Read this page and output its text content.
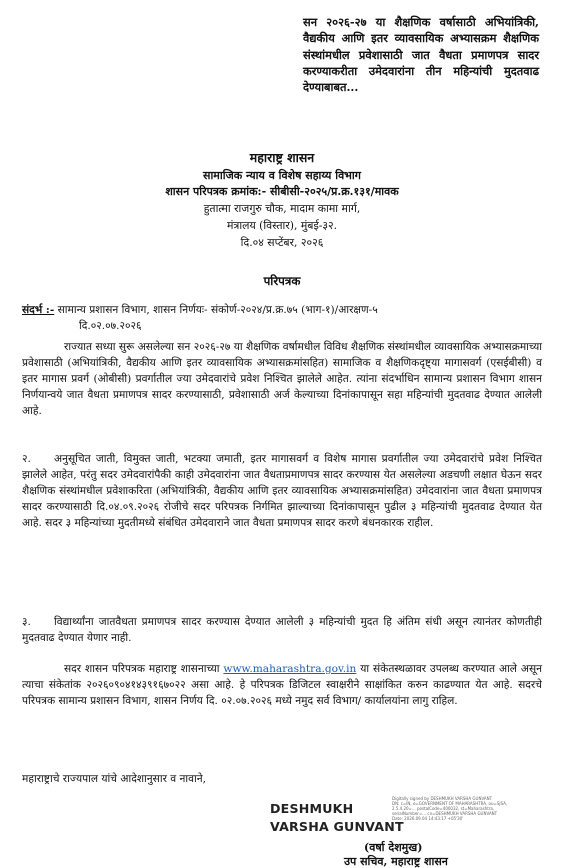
सन २०२६-२७ या शैक्षणिक वर्षासाठी अभियांत्रिकी, वैद्यकीय आणि इतर व्यावसायिक अभ्यासक्रम शैक्षणिक संस्थांमधील प्रवेशासाठी जात वैधता प्रमाणपत्र सादर करण्याकरीता उमेदवारांना तीन महिन्यांची मुदतवाढ देण्याबाबत...
महाराष्ट्र शासन
सामाजिक न्याय व विशेष सहाय्य विभाग
शासन परिपत्रक क्रमांक:- सीबीसी-२०२५/प्र.क्र.१३१/मावक
हुतात्मा राजगुरु चौक, मादाम कामा मार्ग,
मंत्रालय (विस्तार), मुंबई-३२.
दि.०४ सप्टेंबर, २०२६
परिपत्रक
संदर्भ :- सामान्य प्रशासन विभाग, शासन निर्णयः- संकोर्ण-२०२४/प्र.क्र.७५ (भाग-१)/आरक्षण-५
दि.०२.०७.२०२६
राज्यात सध्या सुरू असलेल्या सन २०२६-२७ या शैक्षणिक वर्षामधील विविध शैक्षणिक संस्थांमधील व्यावसायिक अभ्यासक्रमाच्या प्रवेशासाठी (अभियांत्रिकी, वैद्यकीय आणि इतर व्यावसायिक अभ्यासक्रमांसहित) सामाजिक व शैक्षणिकदृष्ट्या मागासवर्ग (एसईबीसी) व इतर मागास प्रवर्ग (ओबीसी) प्रवर्गातील ज्या उमेदवारांचे प्रवेश निश्चित झालेले आहेत. त्यांना संदर्भाधिन सामान्य प्रशासन विभाग शासन निर्णयान्वये जात वैधता प्रमाणपत्र सादर करण्यासाठी, प्रवेशासाठी अर्ज केल्याच्या दिनांकापासून सहा महिन्यांची मुदतवाढ देण्यात आलेली आहे.
२. अनुसूचित जाती, विमुक्त जाती, भटक्या जमाती, इतर मागासवर्ग व विशेष मागास प्रवर्गातील ज्या उमेदवारांचे प्रवेश निश्चित झालेले आहेत, परंतु सदर उमेदवारांपैकी काही उमेदवारांना जात वैधताप्रमाणपत्र सादर करण्यास येत असलेल्या अडचणी लक्षात घेऊन सदर शैक्षणिक संस्थांमधील प्रवेशाकरिता (अभियांत्रिकी, वैद्यकीय आणि इतर व्यावसायिक अभ्यासक्रमांसहित) उमेदवारांना जात वैधता प्रमाणपत्र सादर करण्यासाठी दि.०४.०९.२०२६ रोजीचे सदर परिपत्रक निर्गमित झाल्याच्या दिनांकापासून पुढील ३ महिन्यांची मुदतवाढ देण्यात येत आहे. सदर ३ महिन्यांच्या मुदतीमध्ये संबंधित उमेदवाराने जात वैधता प्रमाणपत्र सादर करणे बंधनकारक राहील.
३. विद्यार्थ्यांना जातवैधता प्रमाणपत्र सादर करण्यास देण्यात आलेली ३ महिन्यांची मुदत हि अंतिम संधी असून त्यानंतर कोणतीही मुदतवाढ देण्यात येणार नाही.
सदर शासन परिपत्रक महाराष्ट्र शासनाच्या www.maharashtra.gov.in या संकेतस्थळावर उपलब्ध करण्यात आले असून त्याचा संकेतांक २०२६०९०४१४३९१६७०२२ असा आहे. हे परिपत्रक डिजिटल स्वाक्षरीने साक्षांकित करुन काढण्यात येत आहे. सदरचे परिपत्रक सामान्य प्रशासन विभाग, शासन निर्णय दि. ०२.०७.२०२६ मध्ये नमुद सर्व विभाग/ कार्यालयांना लागु राहिल.
महाराष्ट्राचे राज्यपाल यांचे आदेशानुसार व नावाने,
DESHMUKH
VARSHA GUNVANT
Digitally signed by DESHMUKH VARSHA GUNVANT
DN: c=IN, o=GOVERNMENT OF MAHARASHTRA, ou=SJSA,
2.5.4.20=... postalCode=400032, st=Maharashtra,
serialNumber=... cn=DESHMUKH VARSHA GUNVANT
Date: 2026.09.04 14:43:17 +05'30'
(वर्षा देशमुख)
उप सचिव, महाराष्ट्र शासन
